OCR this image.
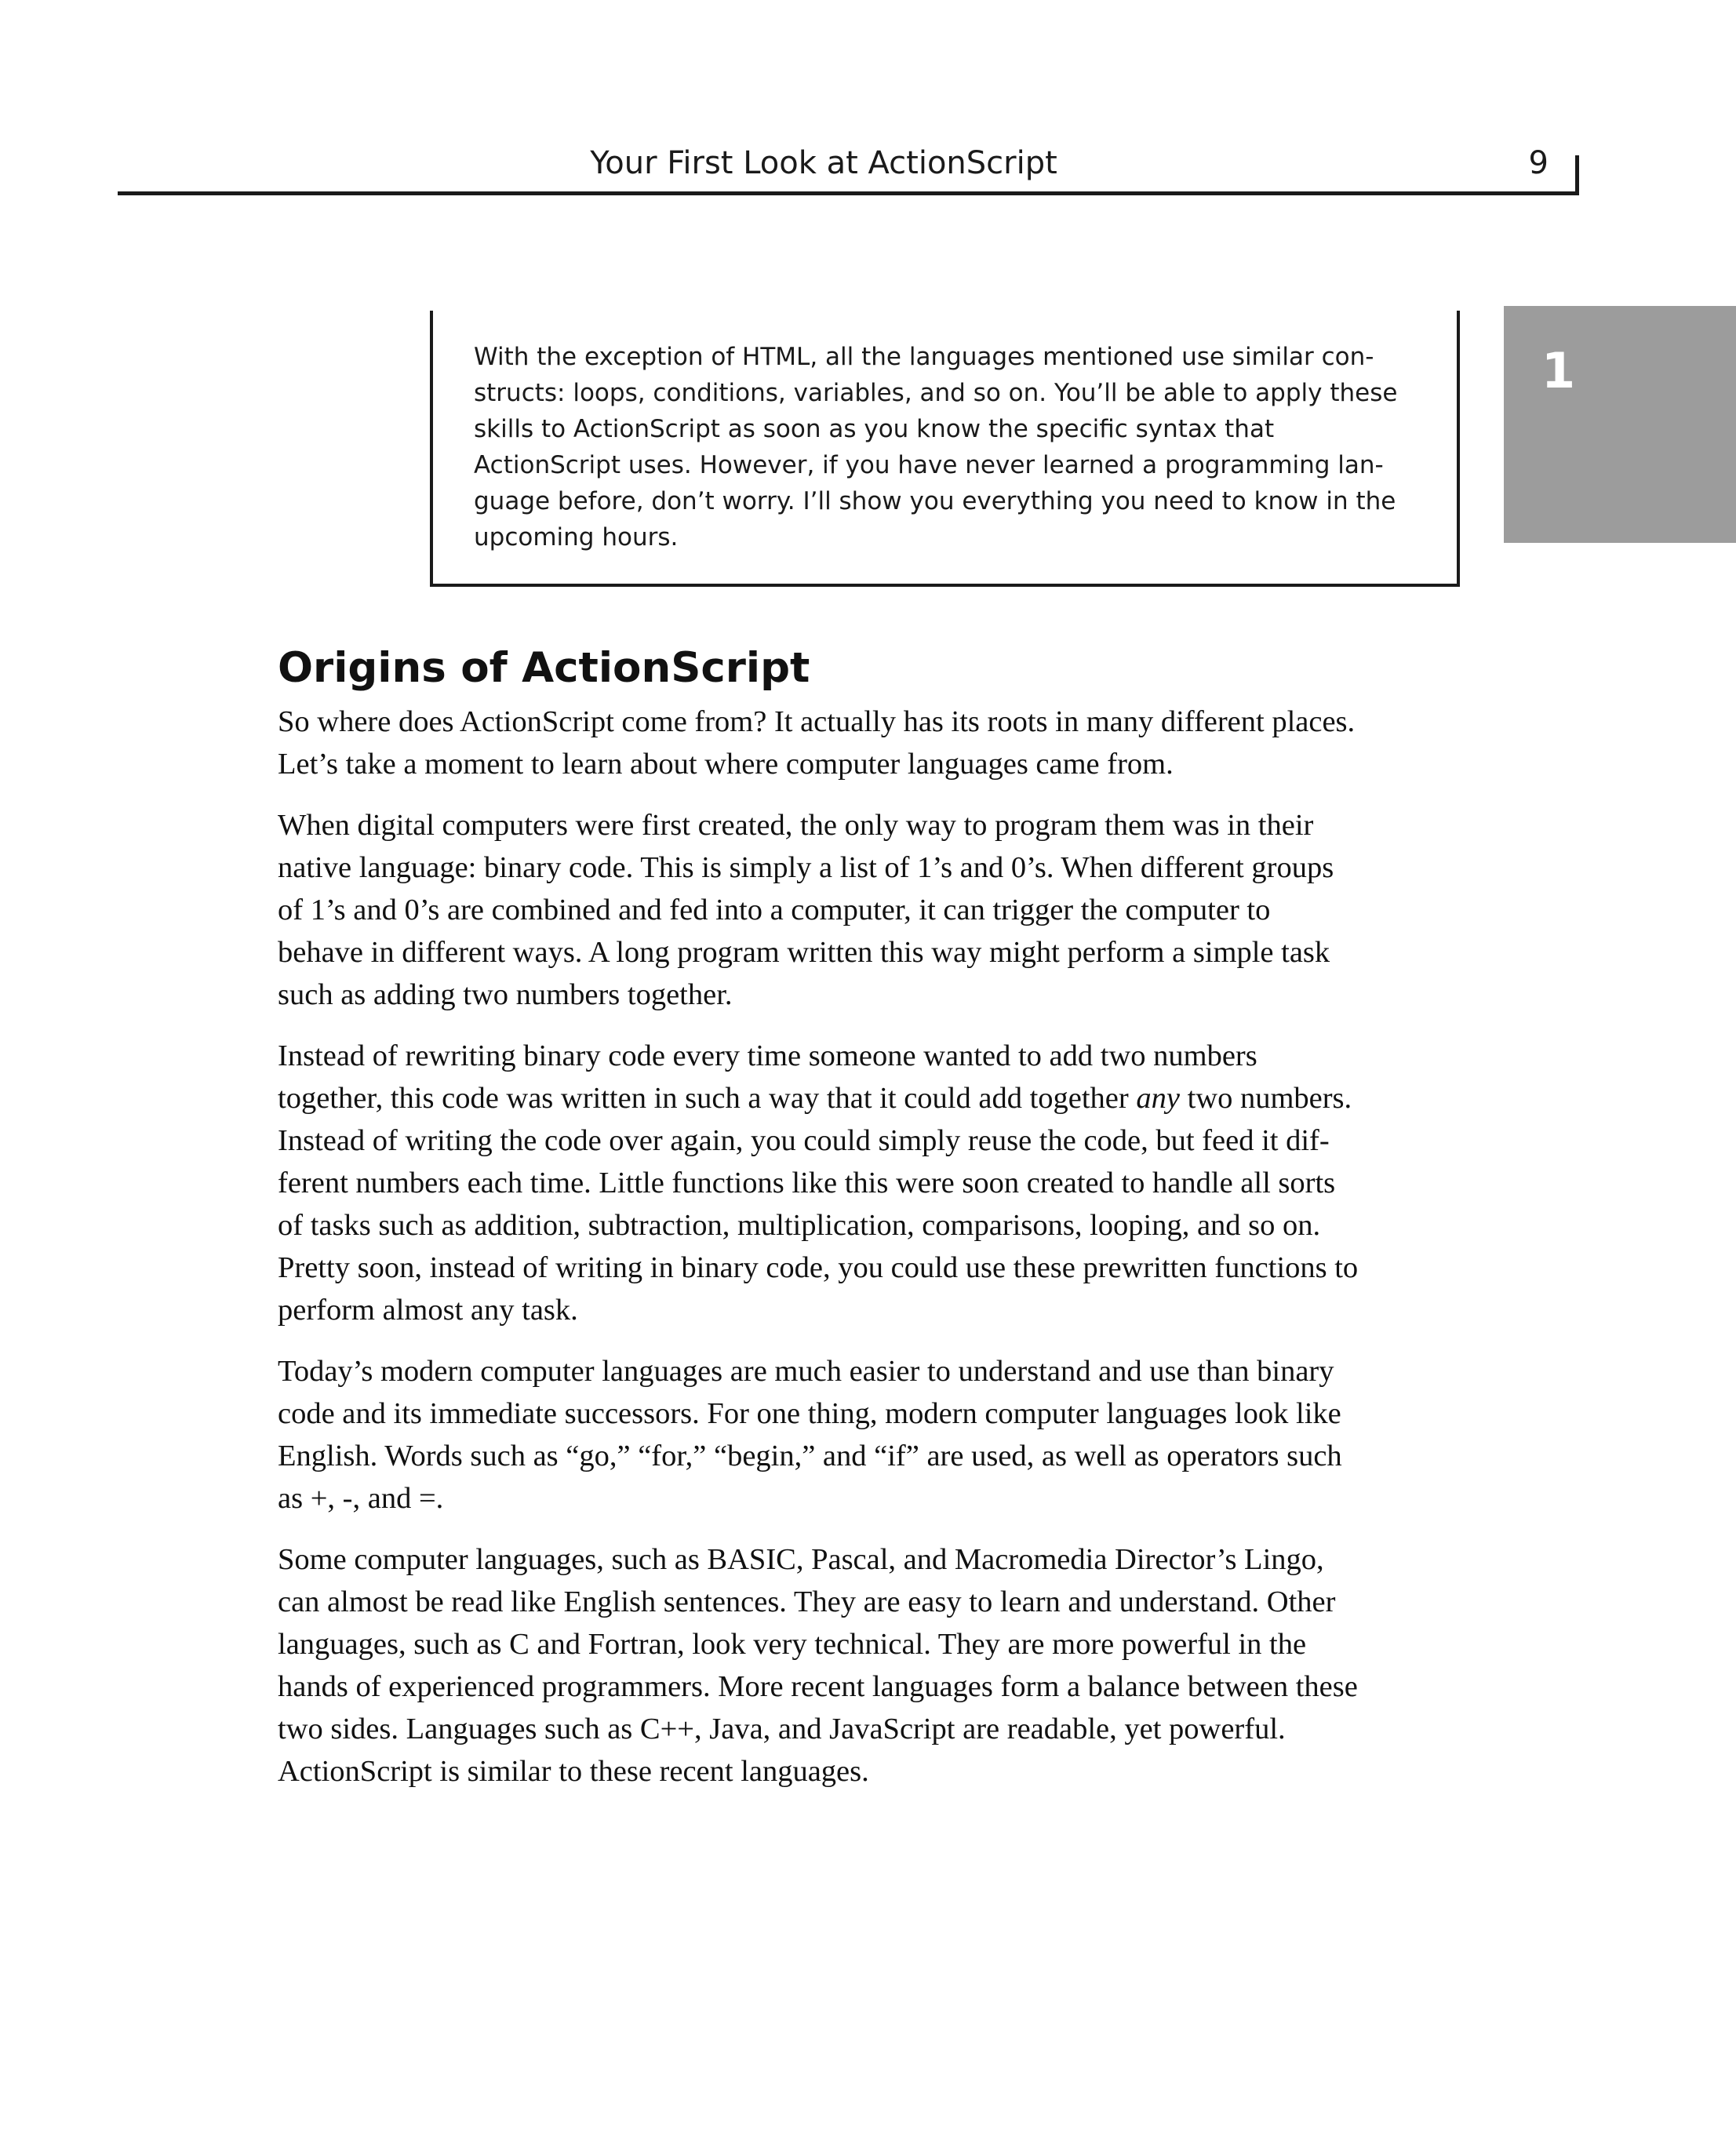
Your First Look at ActionScript	9
1

With the exception of HTML, all the languages mentioned use similar con-
structs: loops, conditions, variables, and so on. You’ll be able to apply these
skills to ActionScript as soon as you know the specific syntax that
ActionScript uses. However, if you have never learned a programming lan-
guage before, don’t worry. I’ll show you everything you need to know in the
upcoming hours.

Origins of ActionScript

So where does ActionScript come from? It actually has its roots in many different places.
Let’s take a moment to learn about where computer languages came from.

When digital computers were first created, the only way to program them was in their
native language: binary code. This is simply a list of 1’s and 0’s. When different groups
of 1’s and 0’s are combined and fed into a computer, it can trigger the computer to
behave in different ways. A long program written this way might perform a simple task
such as adding two numbers together.

Instead of rewriting binary code every time someone wanted to add two numbers
together, this code was written in such a way that it could add together any two numbers.
Instead of writing the code over again, you could simply reuse the code, but feed it dif-
ferent numbers each time. Little functions like this were soon created to handle all sorts
of tasks such as addition, subtraction, multiplication, comparisons, looping, and so on.
Pretty soon, instead of writing in binary code, you could use these prewritten functions to
perform almost any task.

Today’s modern computer languages are much easier to understand and use than binary
code and its immediate successors. For one thing, modern computer languages look like
English. Words such as “go,” “for,” “begin,” and “if” are used, as well as operators such
as +, -, and =.

Some computer languages, such as BASIC, Pascal, and Macromedia Director’s Lingo,
can almost be read like English sentences. They are easy to learn and understand. Other
languages, such as C and Fortran, look very technical. They are more powerful in the
hands of experienced programmers. More recent languages form a balance between these
two sides. Languages such as C++, Java, and JavaScript are readable, yet powerful.
ActionScript is similar to these recent languages.
